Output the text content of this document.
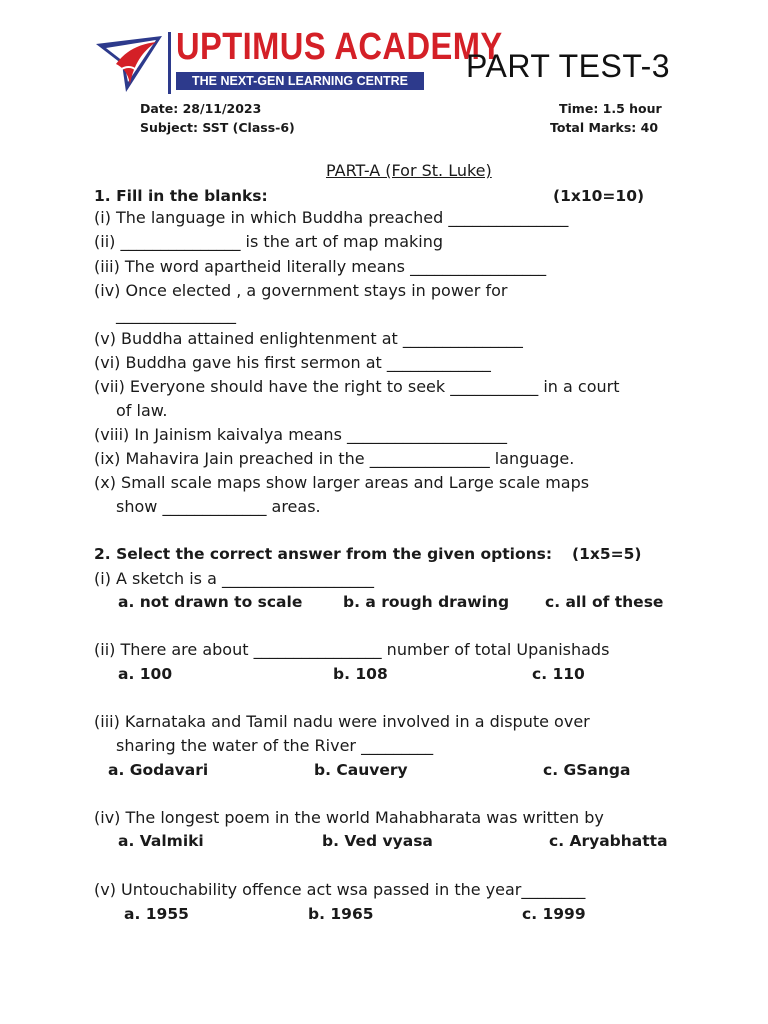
UPTIMUS ACADEMY
THE NEXT-GEN LEARNING CENTRE	PART TEST-3
Date: 28/11/2023	Time: 1.5 hour
Subject: SST (Class-6)	Total Marks: 40
PART-A (For St. Luke)
1. Fill in the blanks:	(1x10=10)
(i) The language in which Buddha preached _______________
(ii) _______________ is the art of map making
(iii) The word apartheid literally means _________________
(iv) Once elected , a government stays in power for
_______________
(v) Buddha attained enlightenment at _______________
(vi) Buddha gave his first sermon at _____________
(vii) Everyone should have the right to seek ___________ in a court
of law.
(viii) In Jainism kaivalya means ____________________
(ix) Mahavira Jain preached in the _______________ language.
(x) Small scale maps show larger areas and Large scale maps
show _____________ areas.
2. Select the correct answer from the given options: (1x5=5)
(i) A sketch is a ___________________
a. not drawn to scale	b. a rough drawing c. all of these
(ii) There are about ________________ number of total Upanishads
a. 100	b. 108	c. 110
(iii) Karnataka and Tamil nadu were involved in a dispute over
sharing the water of the River _________
a. Godavari	b. Cauvery	c. GSanga
(iv) The longest poem in the world Mahabharata was written by
a. Valmiki	b. Ved vyasa	c. Aryabhatta
(v) Untouchability offence act wsa passed in the year________
a. 1955	b. 1965	c. 1999
